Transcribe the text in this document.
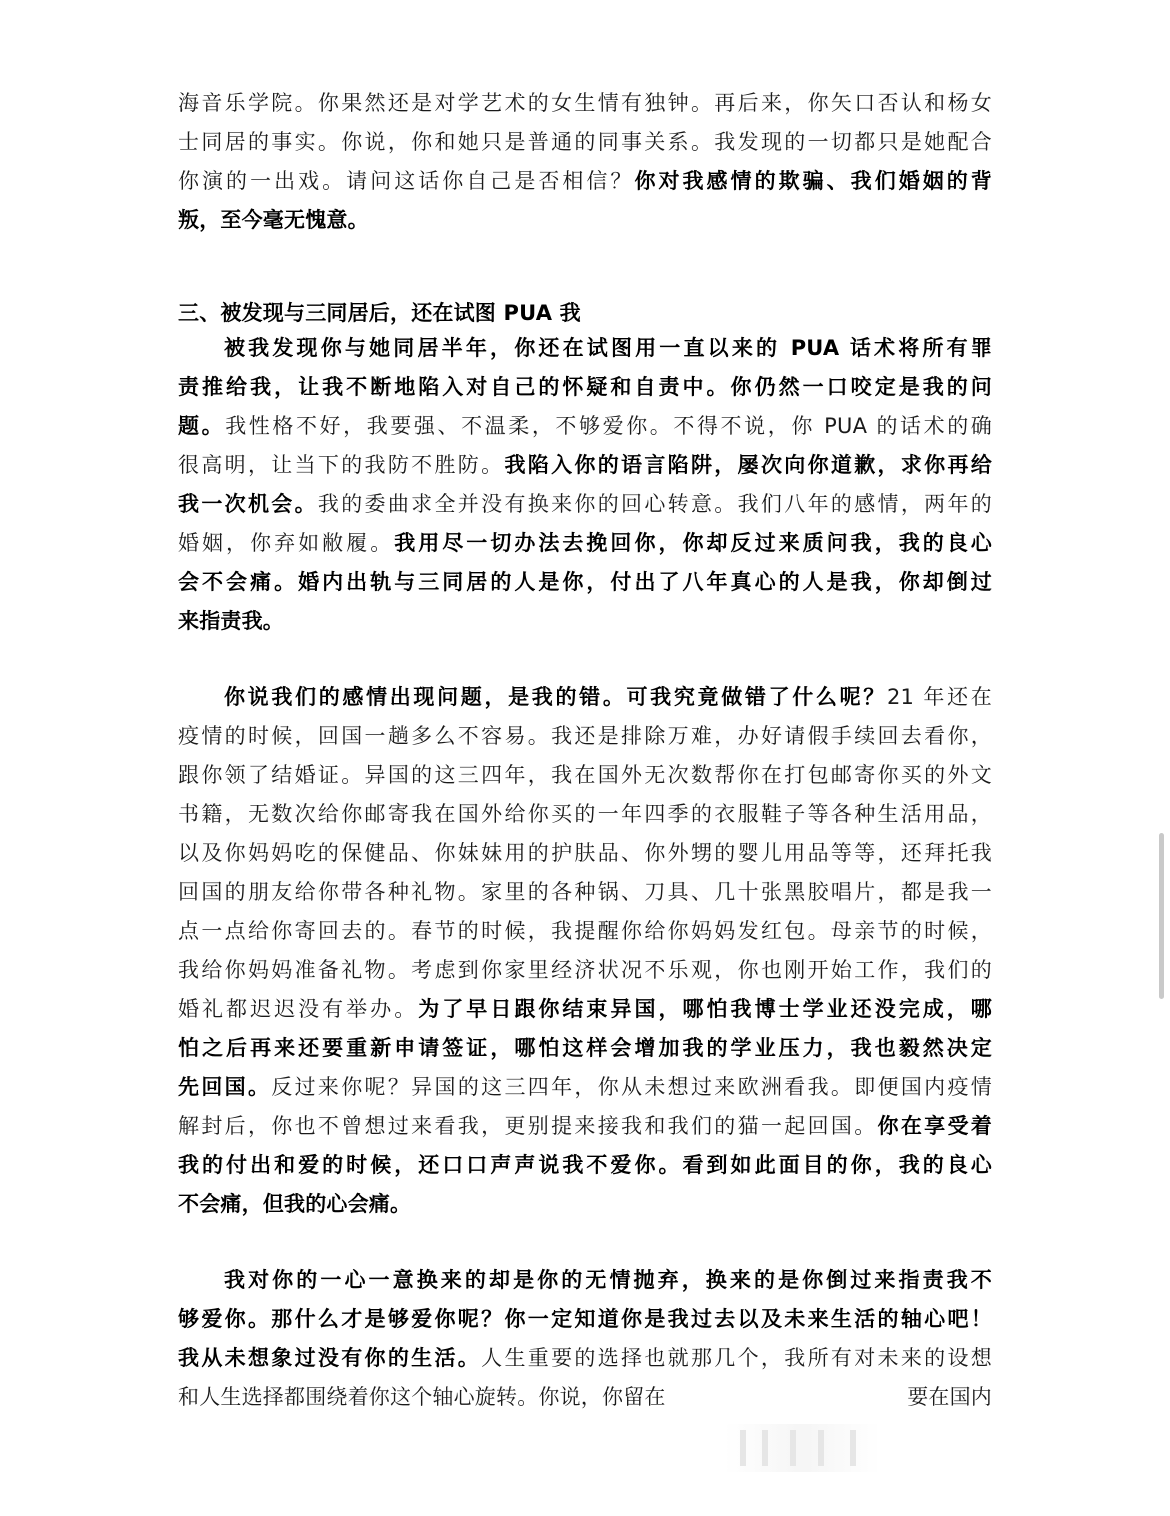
海音乐学院。你果然还是对学艺术的女生情有独钟。再后来，你矢口否认和杨女
士同居的事实。你说，你和她只是普通的同事关系。我发现的一切都只是她配合
你演的一出戏。请问这话你自己是否相信？你对我感情的欺骗、我们婚姻的背
叛，至今毫无愧意。
三、被发现与三同居后，还在试图 PUA 我
被我发现你与她同居半年，你还在试图用一直以来的 PUA 话术将所有罪
责推给我，让我不断地陷入对自己的怀疑和自责中。你仍然一口咬定是我的问
题。我性格不好，我要强、不温柔，不够爱你。不得不说，你 PUA 的话术的确
很高明，让当下的我防不胜防。我陷入你的语言陷阱，屡次向你道歉，求你再给
我一次机会。我的委曲求全并没有换来你的回心转意。我们八年的感情，两年的
婚姻，你弃如敝履。我用尽一切办法去挽回你，你却反过来质问我，我的良心
会不会痛。婚内出轨与三同居的人是你，付出了八年真心的人是我，你却倒过
来指责我。
你说我们的感情出现问题，是我的错。可我究竟做错了什么呢？21 年还在
疫情的时候，回国一趟多么不容易。我还是排除万难，办好请假手续回去看你，
跟你领了结婚证。异国的这三四年，我在国外无次数帮你在打包邮寄你买的外文
书籍，无数次给你邮寄我在国外给你买的一年四季的衣服鞋子等各种生活用品，
以及你妈妈吃的保健品、你妹妹用的护肤品、你外甥的婴儿用品等等，还拜托我
回国的朋友给你带各种礼物。家里的各种锅、刀具、几十张黑胶唱片，都是我一
点一点给你寄回去的。春节的时候，我提醒你给你妈妈发红包。母亲节的时候，
我给你妈妈准备礼物。考虑到你家里经济状况不乐观，你也刚开始工作，我们的
婚礼都迟迟没有举办。为了早日跟你结束异国，哪怕我博士学业还没完成，哪
怕之后再来还要重新申请签证，哪怕这样会增加我的学业压力，我也毅然决定
先回国。反过来你呢？异国的这三四年，你从未想过来欧洲看我。即便国内疫情
解封后，你也不曾想过来看我，更别提来接我和我们的猫一起回国。你在享受着
我的付出和爱的时候，还口口声声说我不爱你。看到如此面目的你，我的良心
不会痛，但我的心会痛。
我对你的一心一意换来的却是你的无情抛弃，换来的是你倒过来指责我不
够爱你。那什么才是够爱你呢？你一定知道你是我过去以及未来生活的轴心吧！
我从未想象过没有你的生活。人生重要的选择也就那几个，我所有对未来的设想
和人生选择都围绕着你这个轴心旋转。你说，你留在	要在国内
